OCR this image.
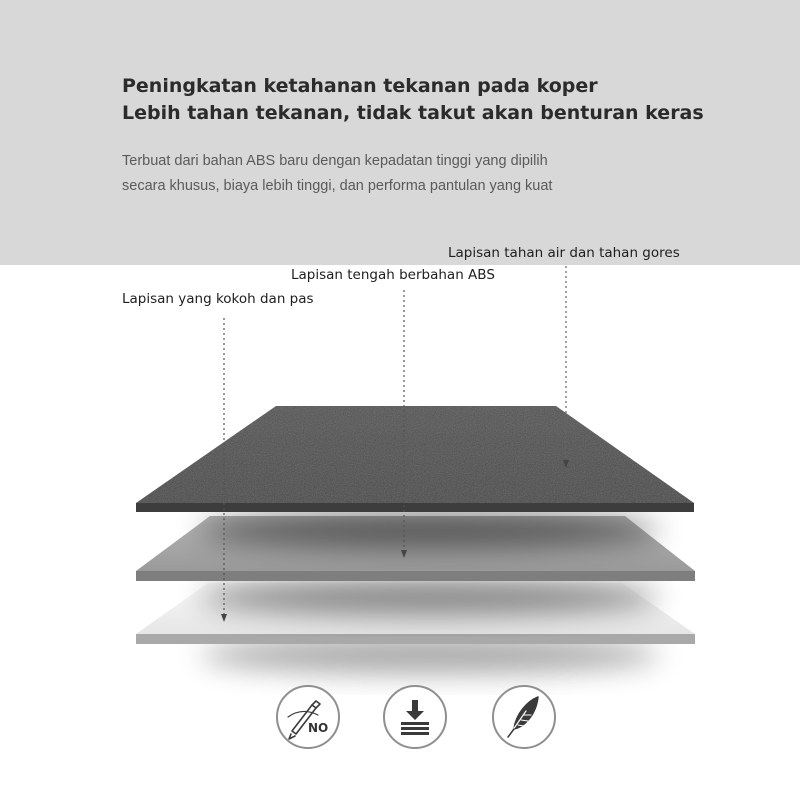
Peningkatan ketahanan tekanan pada koper
Lebih tahan tekanan, tidak takut akan benturan keras

Terbuat dari bahan ABS baru dengan kepadatan tinggi yang dipilih

secara khusus, biaya lebih tinggi, dan performa pantulan yang kuat

Lapisan tahan air dan tahan gores

Lapisan tengah berbahan ABS

Lapisan yang kokoh dan pas

NO
